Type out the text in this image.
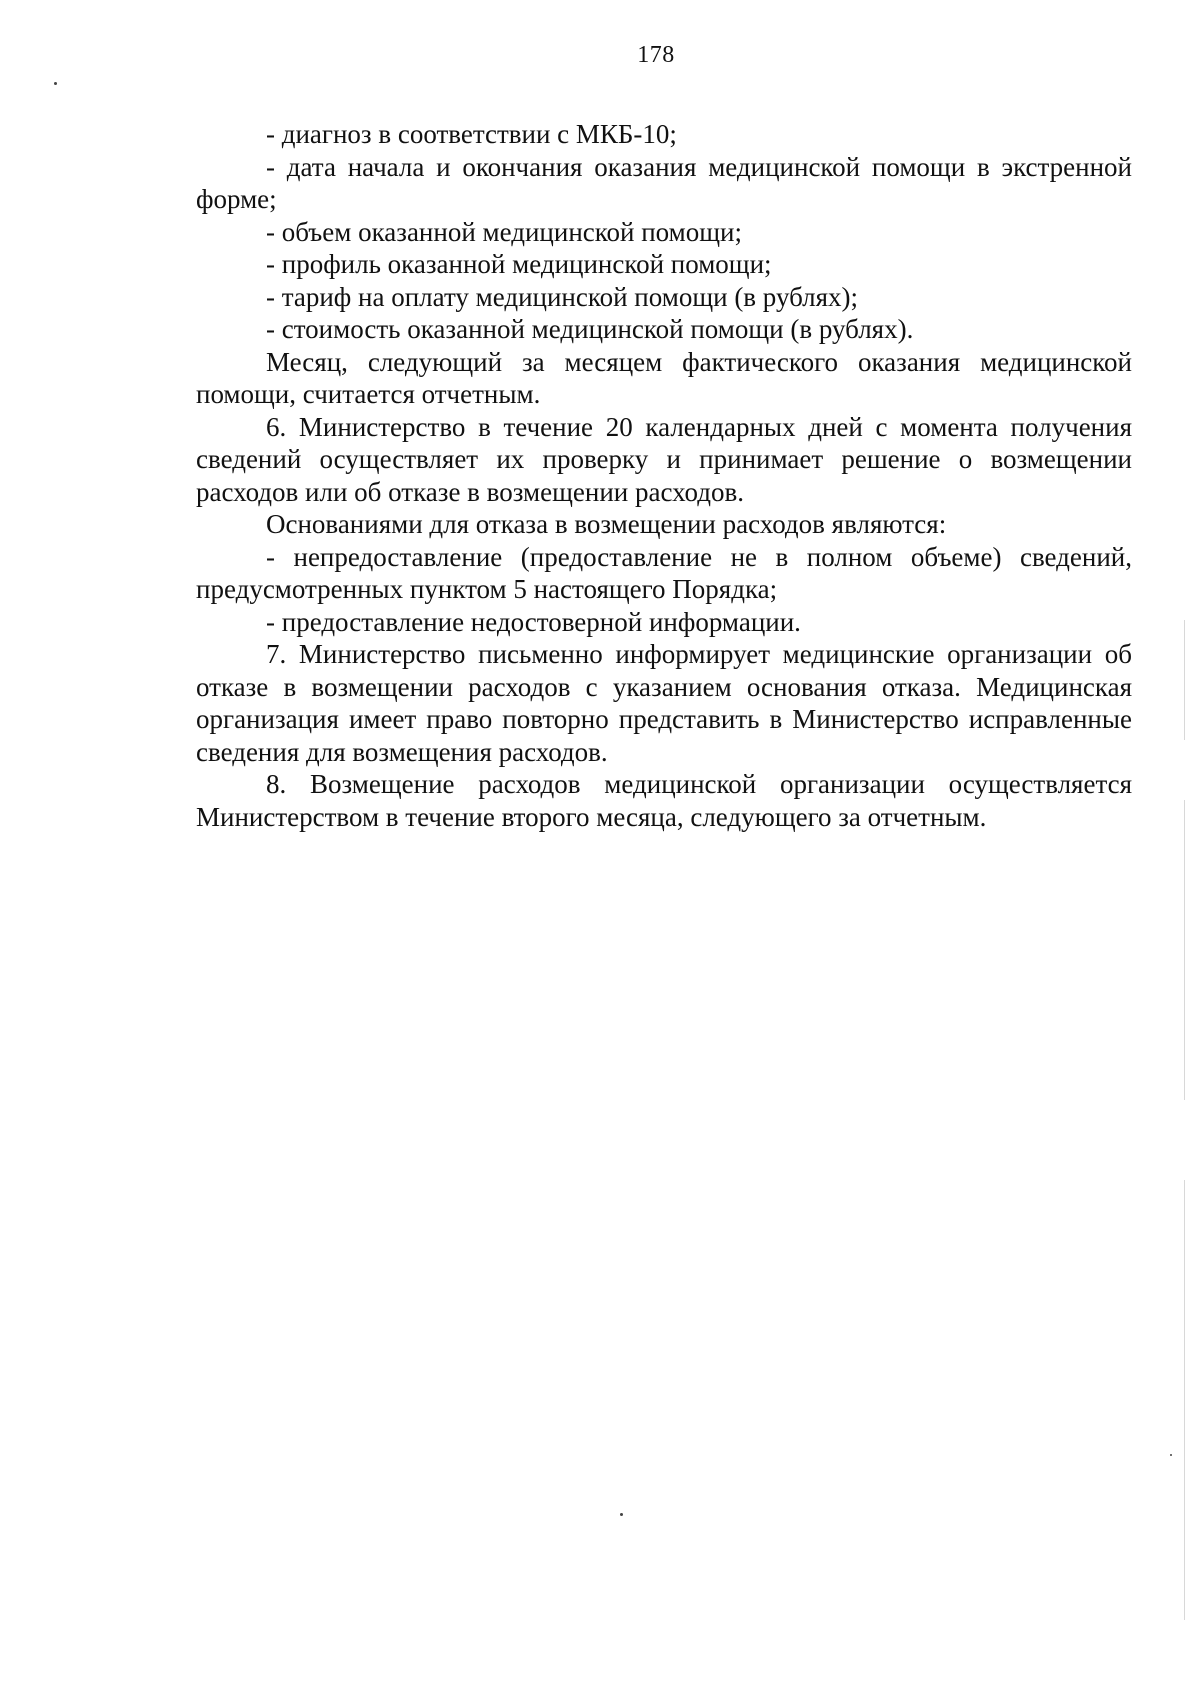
178

- диагноз в соответствии с МКБ-10;

- дата начала и окончания оказания медицинской помощи в экстренной форме;

- объем оказанной медицинской помощи;

- профиль оказанной медицинской помощи;

- тариф на оплату медицинской помощи (в рублях);

- стоимость оказанной медицинской помощи (в рублях).

Месяц, следующий за месяцем фактического оказания медицинской помощи, считается отчетным.

6. Министерство в течение 20 календарных дней с момента получения сведений осуществляет их проверку и принимает решение о возмещении расходов или об отказе в возмещении расходов.

Основаниями для отказа в возмещении расходов являются:

- непредоставление (предоставление не в полном объеме) сведений, предусмотренных пунктом 5 настоящего Порядка;

- предоставление недостоверной информации.

7. Министерство письменно информирует медицинские организации об отказе в возмещении расходов с указанием основания отказа. Медицинская организация имеет право повторно представить в Министерство исправленные сведения для возмещения расходов.

8. Возмещение расходов медицинской организации осуществляется Министерством в течение второго месяца, следующего за отчетным.
